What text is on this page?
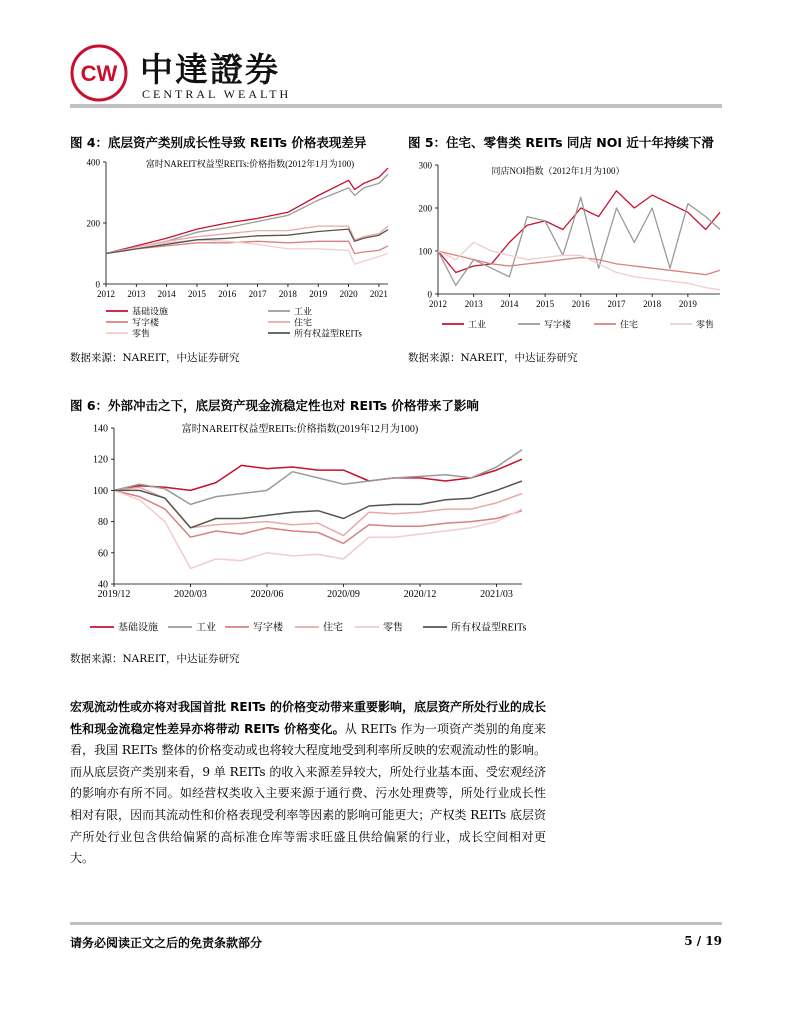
CW 中達證券
CENTRAL WEALTH
图 4：底层资产类别成长性导致 REITs 价格表现差异	图 5：住宅、零售类 REITs 同店 NOI 近十年持续下滑
0
200
400
2012 2013 2014 2015 2016 2017 2018 2019 2020 2021
富时NAREIT权益型REITs:价格指数(2012年1月为100)
基础设施	工业
写字楼	住宅
零售	所有权益型REITs
数据来源：NAREIT，中达证券研究
0
100
200
300
2012 2013 2014 2015 2016 2017 2018 2019
同店NOI指数（2012年1月为100）
工业	写字楼	住宅	零售
数据来源：NAREIT，中达证券研究
图 6：外部冲击之下，底层资产现金流稳定性也对 REITs 价格带来了影响
40
60
80
100
120
140
2019/12	2020/03	2020/06	2020/09	2020/12	2021/03
富时NAREIT权益型REITs:价格指数(2019年12月为100)
基础设施	工业	写字楼	住宅	零售	所有权益型REITs
数据来源：NAREIT，中达证券研究
宏观流动性或亦将对我国首批 REITs 的价格变动带来重要影响，底层资产所处行业的成长性和现金流稳定性差异亦将带动 REITs 价格变化。从 REITs 作为一项资产类别的角度来看，我国 REITs 整体的价格变动或也将较大程度地受到利率所反映的宏观流动性的影响。而从底层资产类别来看，9 单 REITs 的收入来源差异较大，所处行业基本面、受宏观经济的影响亦有所不同。如经营权类收入主要来源于通行费、污水处理费等，所处行业成长性相对有限，因而其流动性和价格表现受利率等因素的影响可能更大；产权类 REITs 底层资产所处行业包含供给偏紧的高标准仓库等需求旺盛且供给偏紧的行业，成长空间相对更大。
请务必阅读正文之后的免责条款部分	5 / 19
